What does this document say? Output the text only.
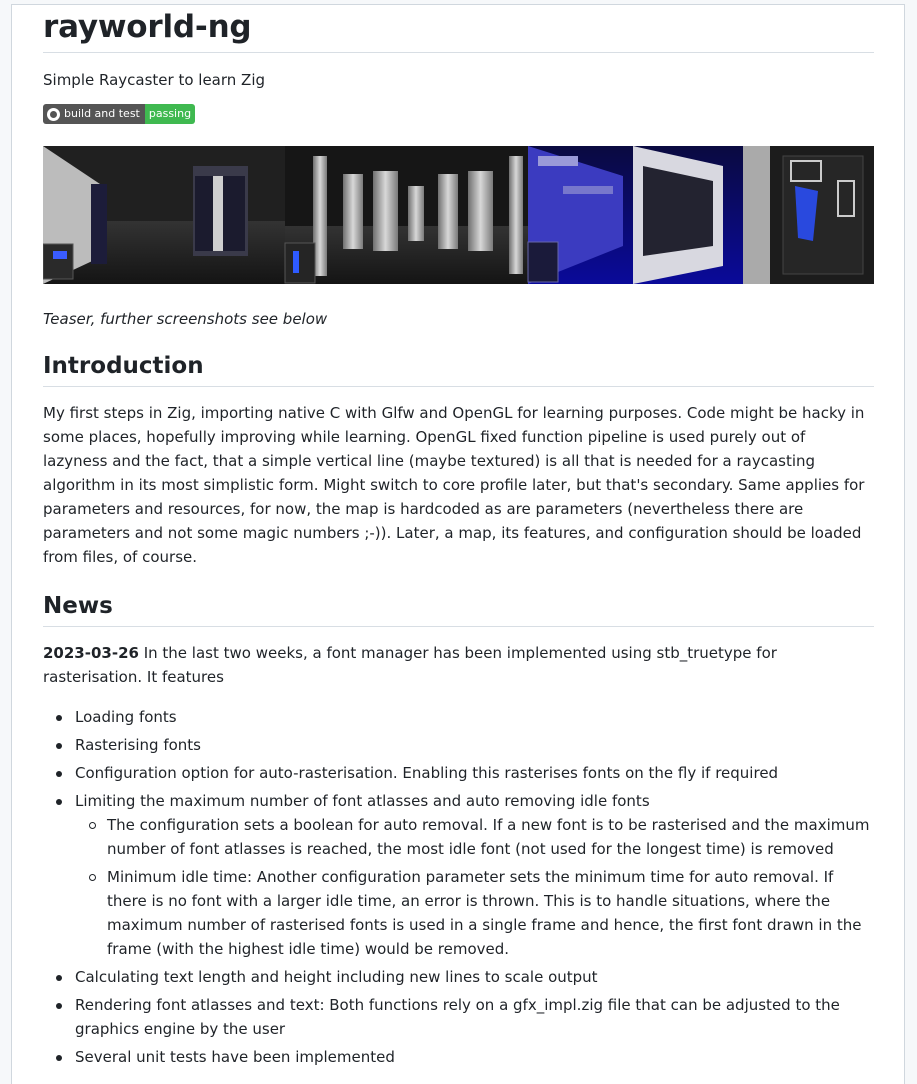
rayworld-ng

Simple Raycaster to learn Zig

build and test passing

Teaser, further screenshots see below

Introduction

My first steps in Zig, importing native C with Glfw and OpenGL for learning purposes. Code might be hacky in some places, hopefully improving while learning. OpenGL fixed function pipeline is used purely out of lazyness and the fact, that a simple vertical line (maybe textured) is all that is needed for a raycasting algorithm in its most simplistic form. Might switch to core profile later, but that's secondary. Same applies for parameters and resources, for now, the map is hardcoded as are parameters (nevertheless there are parameters and not some magic numbers ;-)). Later, a map, its features, and configuration should be loaded from files, of course.

News

2023-03-26 In the last two weeks, a font manager has been implemented using stb_truetype for rasterisation. It features

Loading fonts
Rasterising fonts
Configuration option for auto-rasterisation. Enabling this rasterises fonts on the fly if required
Limiting the maximum number of font atlasses and auto removing idle fonts
The configuration sets a boolean for auto removal. If a new font is to be rasterised and the maximum number of font atlasses is reached, the most idle font (not used for the longest time) is removed
Minimum idle time: Another configuration parameter sets the minimum time for auto removal. If there is no font with a larger idle time, an error is thrown. This is to handle situations, where the maximum number of rasterised fonts is used in a single frame and hence, the first font drawn in the frame (with the highest idle time) would be removed.
Calculating text length and height including new lines to scale output
Rendering font atlasses and text: Both functions rely on a gfx_impl.zig file that can be adjusted to the graphics engine by the user
Several unit tests have been implemented
